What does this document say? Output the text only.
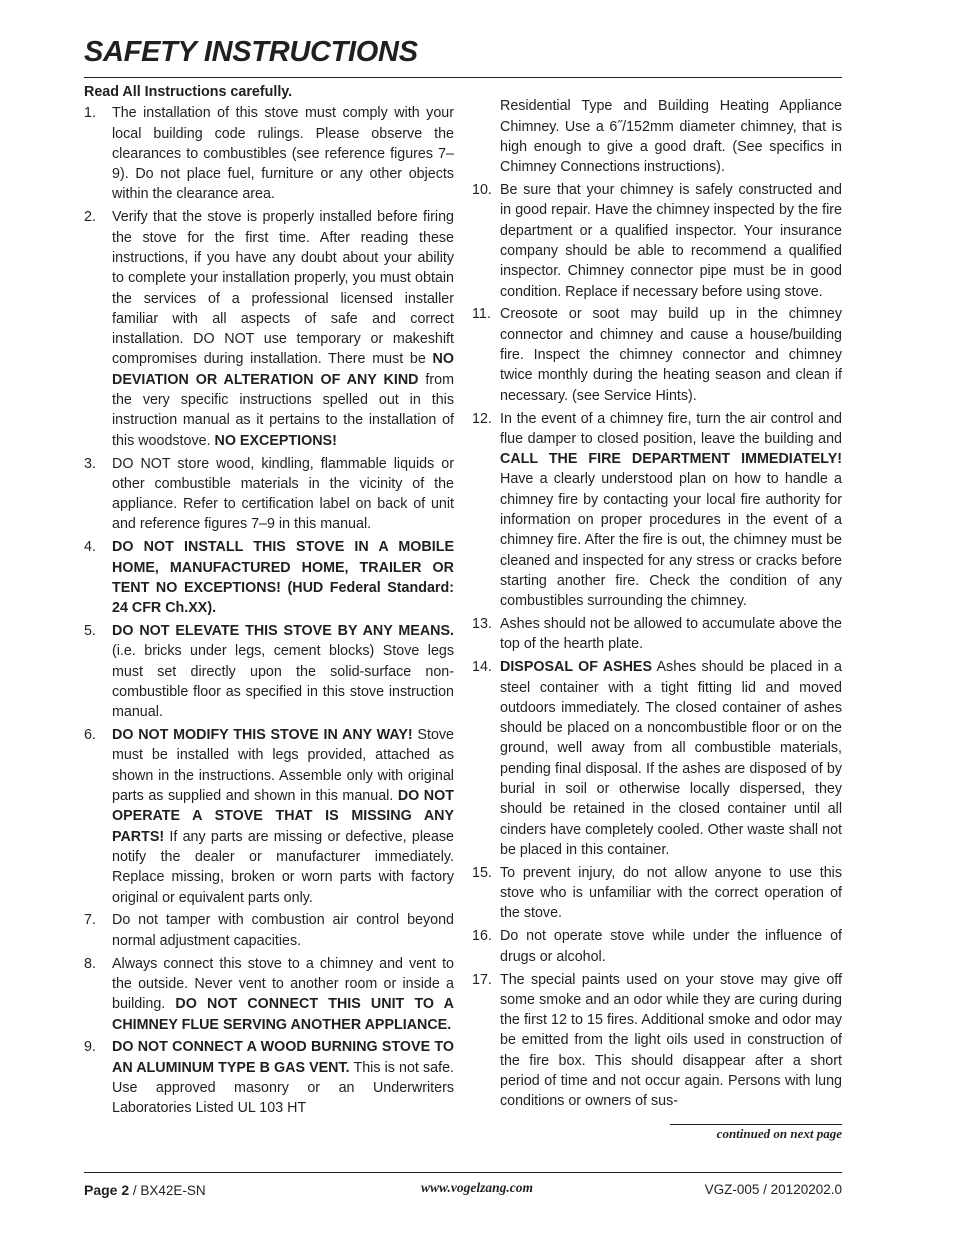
SAFETY INSTRUCTIONS

Read All Instructions carefully.

1. The installation of this stove must comply with your local building code rulings. Please observe the clearances to combustibles (see reference figures 7–9). Do not place fuel, furniture or any other objects within the clearance area.
2. Verify that the stove is properly installed before firing the stove for the first time. After reading these instructions, if you have any doubt about your ability to complete your installation properly, you must obtain the services of a professional licensed installer familiar with all aspects of safe and correct installation. DO NOT use temporary or makeshift compromises during installation. There must be NO DEVIATION OR ALTERATION OF ANY KIND from the very specific instructions spelled out in this instruction manual as it pertains to the installation of this woodstove. NO EXCEPTIONS!
3. DO NOT store wood, kindling, flammable liquids or other combustible materials in the vicinity of the appliance. Refer to certification label on back of unit and reference figures 7–9 in this manual.
4. DO NOT INSTALL THIS STOVE IN A MOBILE HOME, MANUFACTURED HOME, TRAILER OR TENT NO EXCEPTIONS! (HUD Federal Standard: 24 CFR Ch.XX).
5. DO NOT ELEVATE THIS STOVE BY ANY MEANS. (i.e. bricks under legs, cement blocks) Stove legs must set directly upon the solid-surface non-combustible floor as specified in this stove instruction manual.
6. DO NOT MODIFY THIS STOVE IN ANY WAY! Stove must be installed with legs provided, attached as shown in the instructions. Assemble only with original parts as supplied and shown in this manual. DO NOT OPERATE A STOVE THAT IS MISSING ANY PARTS! If any parts are missing or defective, please notify the dealer or manufacturer immediately. Replace missing, broken or worn parts with factory original or equivalent parts only.
7. Do not tamper with combustion air control beyond normal adjustment capacities.
8. Always connect this stove to a chimney and vent to the outside. Never vent to another room or inside a building. DO NOT CONNECT THIS UNIT TO A CHIMNEY FLUE SERVING ANOTHER APPLIANCE.
9. DO NOT CONNECT A WOOD BURNING STOVE TO AN ALUMINUM TYPE B GAS VENT. This is not safe. Use approved masonry or an Underwriters Laboratories Listed UL 103 HT

Residential Type and Building Heating Appliance Chimney. Use a 6˝/152mm diameter chimney, that is high enough to give a good draft. (See specifics in Chimney Connections instructions).

10. Be sure that your chimney is safely constructed and in good repair. Have the chimney inspected by the fire department or a qualified inspector. Your insurance company should be able to recommend a qualified inspector. Chimney connector pipe must be in good condition. Replace if necessary before using stove.
11. Creosote or soot may build up in the chimney connector and chimney and cause a house/building fire. Inspect the chimney connector and chimney twice monthly during the heating season and clean if necessary. (see Service Hints).
12. In the event of a chimney fire, turn the air control and flue damper to closed position, leave the building and CALL THE FIRE DEPARTMENT IMMEDIATELY! Have a clearly understood plan on how to handle a chimney fire by contacting your local fire authority for information on proper procedures in the event of a chimney fire. After the fire is out, the chimney must be cleaned and inspected for any stress or cracks before starting another fire. Check the condition of any combustibles surrounding the chimney.
13. Ashes should not be allowed to accumulate above the top of the hearth plate.
14. DISPOSAL OF ASHES Ashes should be placed in a steel container with a tight fitting lid and moved outdoors immediately. The closed container of ashes should be placed on a noncombustible floor or on the ground, well away from all combustible materials, pending final disposal. If the ashes are disposed of by burial in soil or otherwise locally dispersed, they should be retained in the closed container until all cinders have completely cooled. Other waste shall not be placed in this container.
15. To prevent injury, do not allow anyone to use this stove who is unfamiliar with the correct operation of the stove.
16. Do not operate stove while under the influence of drugs or alcohol.
17. The special paints used on your stove may give off some smoke and an odor while they are curing during the first 12 to 15 fires. Additional smoke and odor may be emitted from the light oils used in construction of the fire box. This should disappear after a short period of time and not occur again. Persons with lung conditions or owners of sus-
continued on next page
Page 2 / BX42E-SN	www.vogelzang.com	VGZ-005 / 20120202.0
